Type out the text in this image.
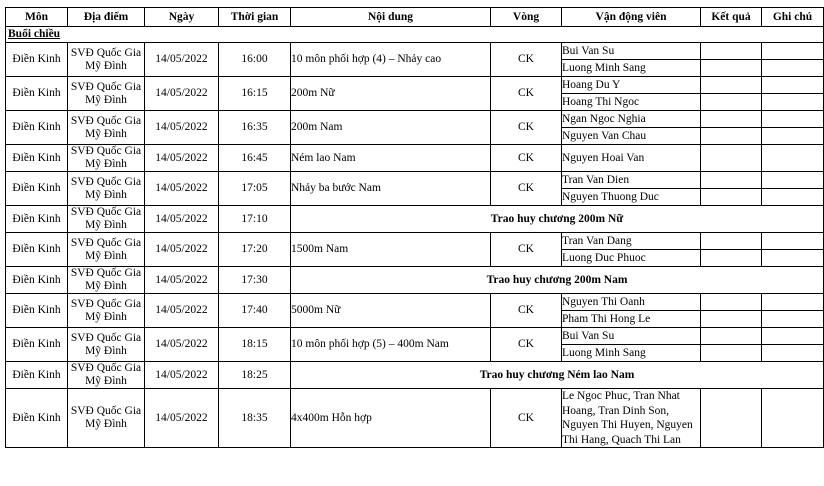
Môn	Địa điểm	Ngày	Thời gian	Nội dung	Vòng	Vận động viên	Kết quả	Ghi chú
Buổi chiều								
Điền Kinh	SVĐ Quốc Gia Mỹ Đình	14/05/2022	16:00	10 môn phối hợp (4) – Nhảy cao	CK	Bui Van Su		
						Luong Minh Sang		
Điền Kinh	SVĐ Quốc Gia Mỹ Đình	14/05/2022	16:15	200m Nữ	CK	Hoang Du Y		
						Hoang Thi Ngoc		
Điền Kinh	SVĐ Quốc Gia Mỹ Đình	14/05/2022	16:35	200m Nam	CK	Ngan Ngoc Nghia		
						Nguyen Van Chau		
Điền Kinh	SVĐ Quốc Gia Mỹ Đình	14/05/2022	16:45	Ném lao Nam	CK	Nguyen Hoai Van		
Điền Kinh	SVĐ Quốc Gia Mỹ Đình	14/05/2022	17:05	Nhảy ba bước Nam	CK	Tran Van Dien		
						Nguyen Thuong Duc		
Điền Kinh	SVĐ Quốc Gia Mỹ Đình	14/05/2022	17:10	Trao huy chương 200m Nữ				
Điền Kinh	SVĐ Quốc Gia Mỹ Đình	14/05/2022	17:20	1500m Nam	CK	Tran Van Dang		
						Luong Duc Phuoc		
Điền Kinh	SVĐ Quốc Gia Mỹ Đình	14/05/2022	17:30	Trao huy chương 200m Nam				
Điền Kinh	SVĐ Quốc Gia Mỹ Đình	14/05/2022	17:40	5000m Nữ	CK	Nguyen Thi Oanh		
						Pham Thi Hong Le		
Điền Kinh	SVĐ Quốc Gia Mỹ Đình	14/05/2022	18:15	10 môn phối hợp (5) – 400m Nam	CK	Bui Van Su		
						Luong Minh Sang		
Điền Kinh	SVĐ Quốc Gia Mỹ Đình	14/05/2022	18:25	Trao huy chương Ném lao Nam				
Điền Kinh	SVĐ Quốc Gia Mỹ Đình	14/05/2022	18:35	4x400m Hỗn hợp	CK	Le Ngoc Phuc, Tran Nhat Hoang, Tran Dinh Son, Nguyen Thi Huyen, Nguyen Thi Hang, Quach Thi Lan		
